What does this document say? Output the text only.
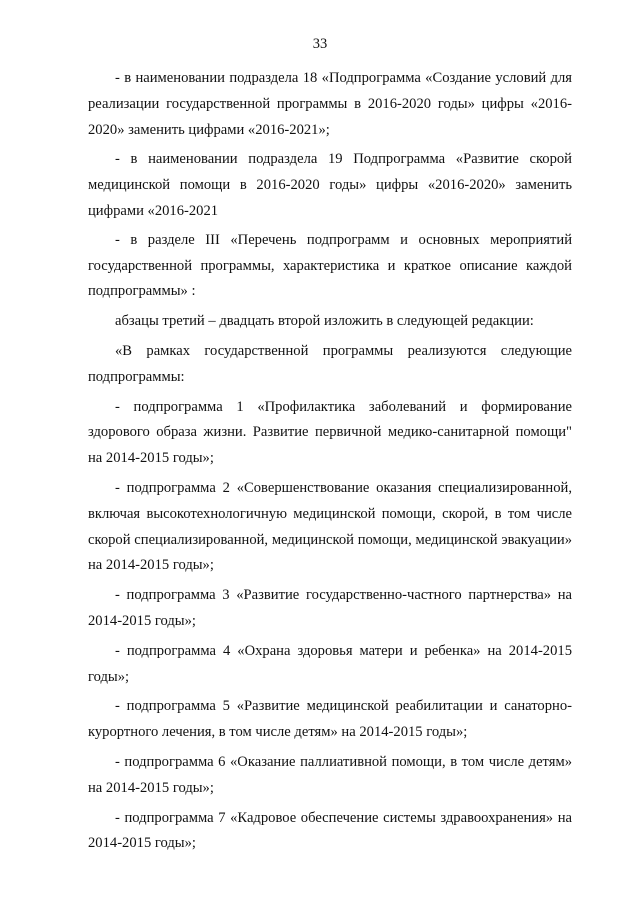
33

- в наименовании подраздела 18 «Подпрограмма «Создание условий для реализации государственной программы в 2016-2020 годы» цифры «2016-2020» заменить цифрами «2016-2021»;

- в наименовании подраздела 19 Подпрограмма «Развитие скорой медицинской помощи в 2016-2020 годы» цифры «2016-2020» заменить цифрами «2016-2021

- в разделе III «Перечень подпрограмм и основных мероприятий государственной программы, характеристика и краткое описание каждой подпрограммы» :

абзацы третий – двадцать второй изложить в следующей редакции:

«В рамках государственной программы реализуются следующие подпрограммы:

- подпрограмма 1 «Профилактика заболеваний и формирование здорового образа жизни. Развитие первичной медико-санитарной помощи" на 2014-2015 годы»;

- подпрограмма 2 «Совершенствование оказания специализированной, включая высокотехнологичную медицинской помощи, скорой, в том числе скорой специализированной, медицинской помощи, медицинской эвакуации» на 2014-2015 годы»;

- подпрограмма 3 «Развитие государственно-частного партнерства» на 2014-2015 годы»;

- подпрограмма 4 «Охрана здоровья матери и ребенка» на 2014-2015 годы»;

- подпрограмма 5 «Развитие медицинской реабилитации и санаторно-курортного лечения, в том числе детям» на 2014-2015 годы»;

- подпрограмма 6 «Оказание паллиативной помощи, в том числе детям» на 2014-2015 годы»;

- подпрограмма 7 «Кадровое обеспечение системы здравоохранения» на 2014-2015 годы»;
